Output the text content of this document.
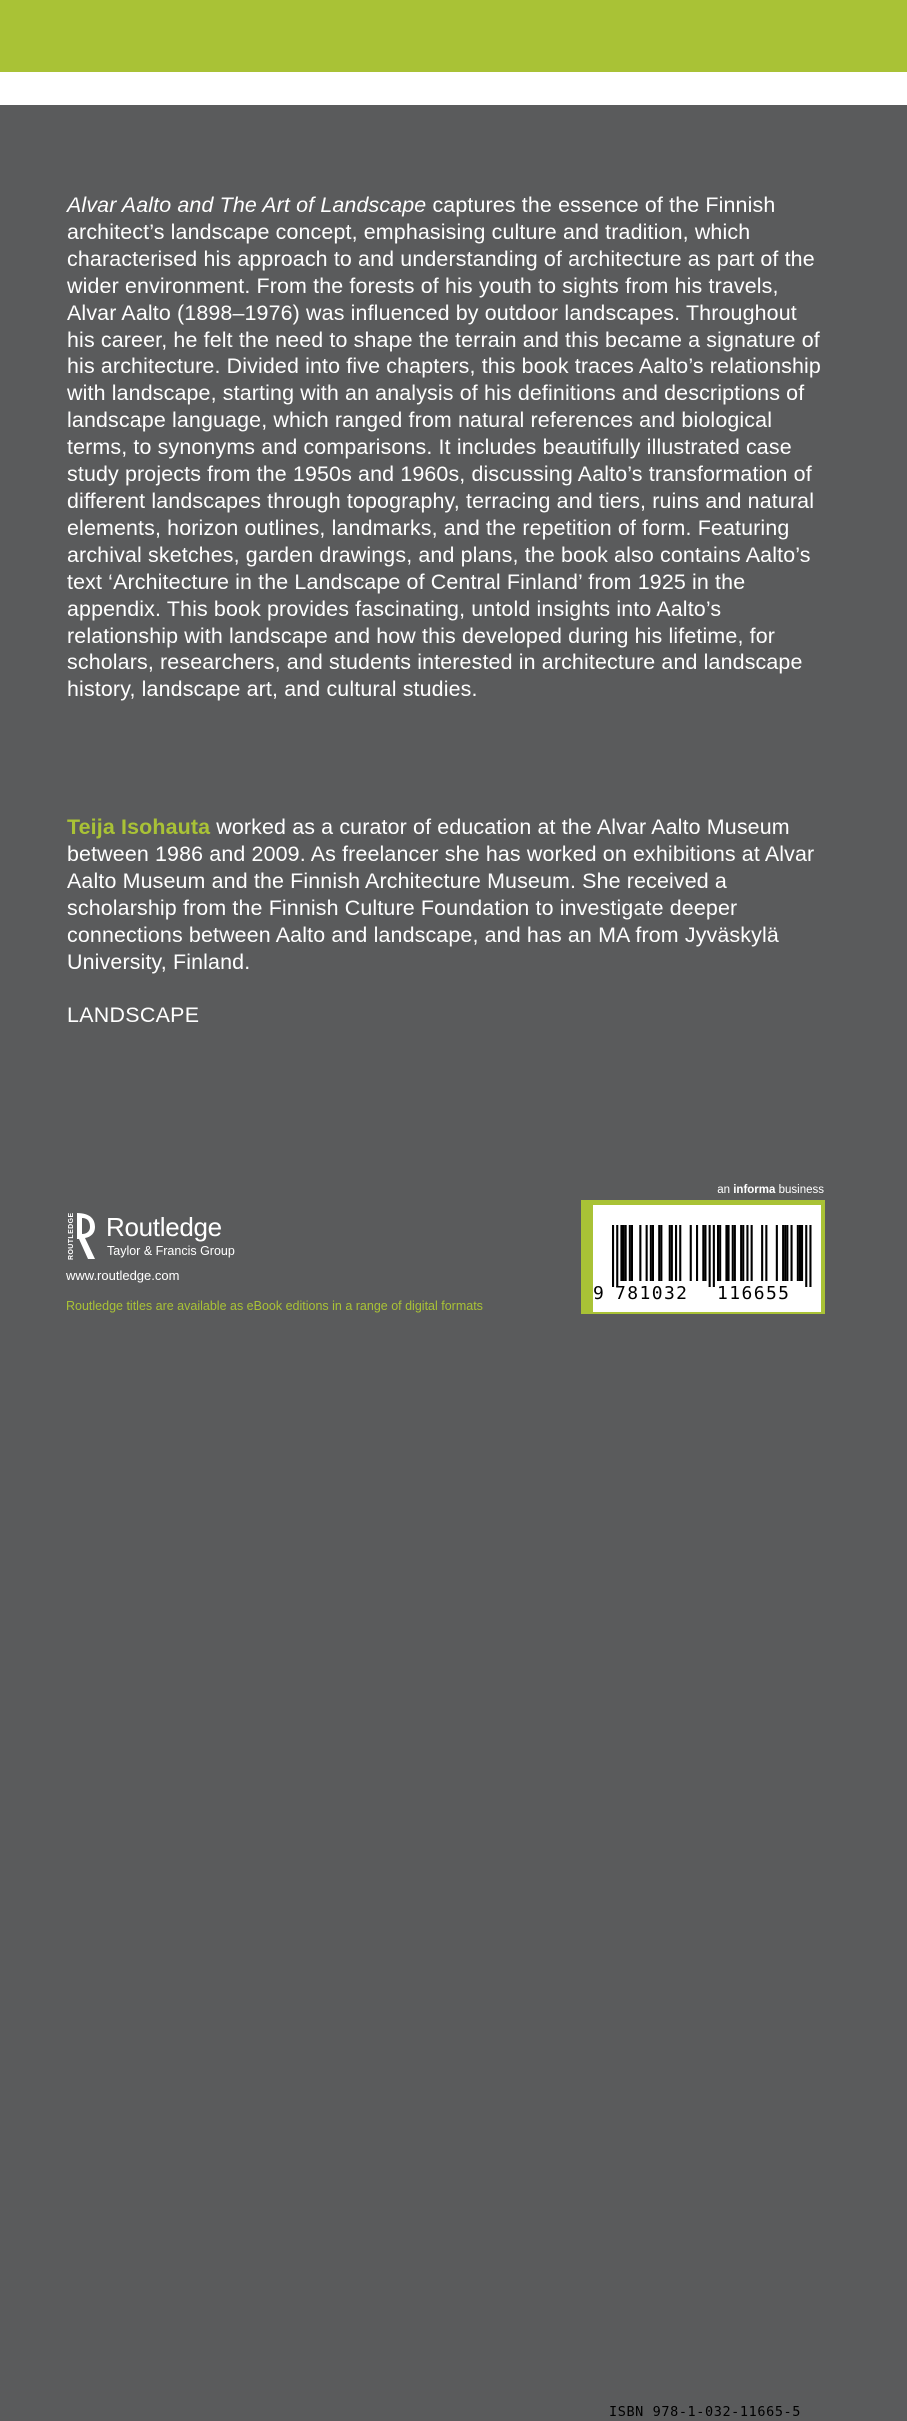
Alvar Aalto and The Art of Landscape captures the essence of the Finnish architect’s landscape concept, emphasising culture and tradition, which characterised his approach to and understanding of architecture as part of the wider environment. From the forests of his youth to sights from his travels, Alvar Aalto (1898–1976) was influenced by outdoor landscapes. Throughout his career, he felt the need to shape the terrain and this became a signature of his architecture. Divided into five chapters, this book traces Aalto’s relationship with landscape, starting with an analysis of his definitions and descriptions of landscape language, which ranged from natural references and biological terms, to synonyms and comparisons. It includes beautifully illustrated case study projects from the 1950s and 1960s, discussing Aalto’s transformation of different landscapes through topography, terracing and tiers, ruins and natural elements, horizon outlines, landmarks, and the repetition of form. Featuring archival sketches, garden drawings, and plans, the book also contains Aalto’s text ‘Architecture in the Landscape of Central Finland’ from 1925 in the appendix. This book provides fascinating, untold insights into Aalto’s relationship with landscape and how this developed during his lifetime, for scholars, researchers, and students interested in architecture and landscape history, landscape art, and cultural studies.

Teija Isohauta worked as a curator of education at the Alvar Aalto Museum between 1986 and 2009. As freelancer she has worked on exhibitions at Alvar Aalto Museum and the Finnish Architecture Museum. She received a scholarship from the Finnish Culture Foundation to investigate deeper connections between Aalto and landscape, and has an MA from Jyväskylä University, Finland.

LANDSCAPE

an informa business
ROUTLEDGE Routledge
Taylor & Francis Group
www.routledge.com
Routledge titles are available as eBook editions in a range of digital formats
ISBN 978-1-032-11665-5
9 781032 116655
